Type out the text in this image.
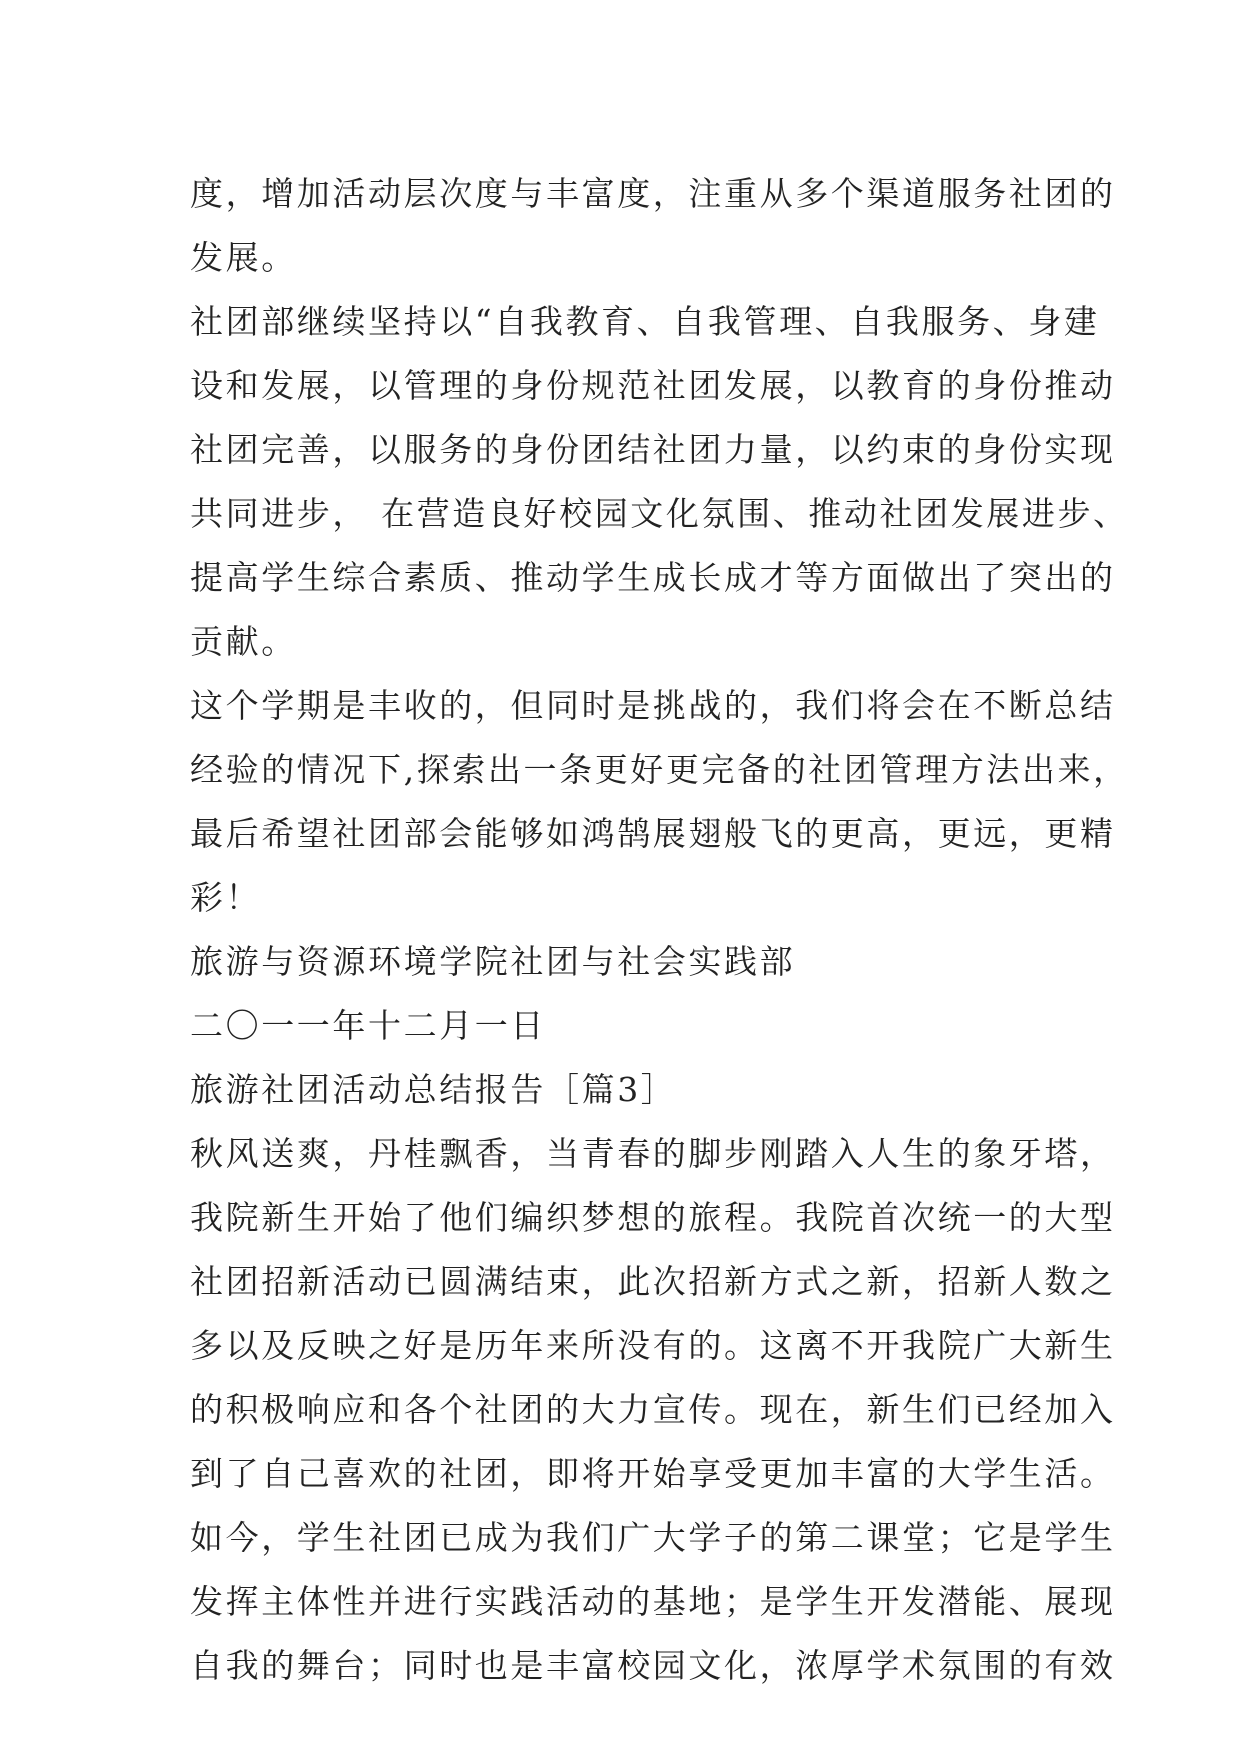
度，增加活动层次度与丰富度，注重从多个渠道服务社团的
发展。
社团部继续坚持以“自我教育、自我管理、自我服务、身建
设和发展，以管理的身份规范社团发展，以教育的身份推动
社团完善，以服务的身份团结社团力量，以约束的身份实现
共同进步， 在营造良好校园文化氛围、推动社团发展进步、
提高学生综合素质、推动学生成长成才等方面做出了突出的
贡献。
这个学期是丰收的，但同时是挑战的，我们将会在不断总结
经验的情况下,探索出一条更好更完备的社团管理方法出来，
最后希望社团部会能够如鸿鹄展翅般飞的更高，更远，更精
彩！
旅游与资源环境学院社团与社会实践部
二〇一一年十二月一日
旅游社团活动总结报告［篇3］
秋风送爽，丹桂飘香，当青春的脚步刚踏入人生的象牙塔，
我院新生开始了他们编织梦想的旅程。我院首次统一的大型
社团招新活动已圆满结束，此次招新方式之新，招新人数之
多以及反映之好是历年来所没有的。这离不开我院广大新生
的积极响应和各个社团的大力宣传。现在，新生们已经加入
到了自己喜欢的社团，即将开始享受更加丰富的大学生活。
如今，学生社团已成为我们广大学子的第二课堂；它是学生
发挥主体性并进行实践活动的基地；是学生开发潜能、展现
自我的舞台；同时也是丰富校园文化，浓厚学术氛围的有效
